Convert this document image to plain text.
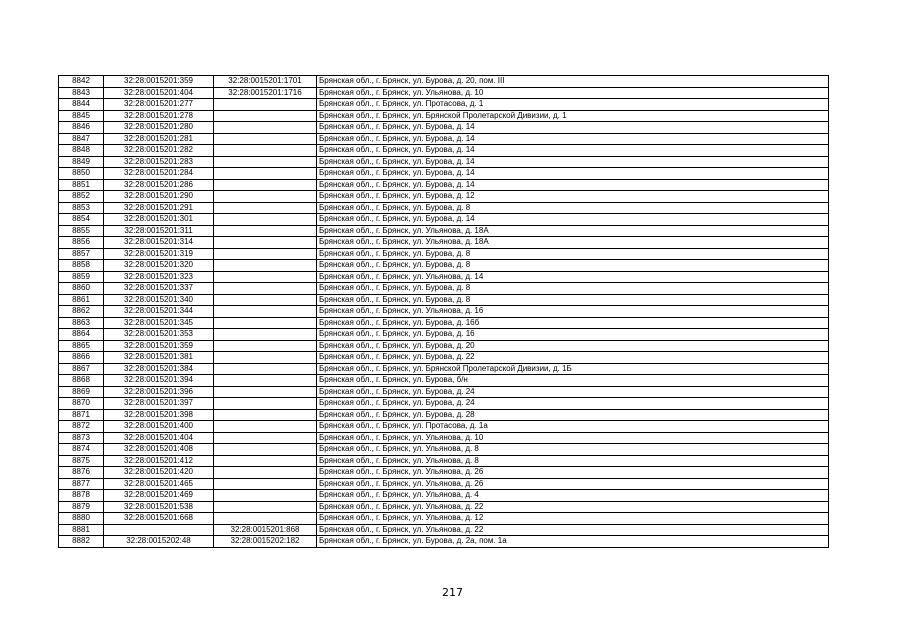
8842	32:28:0015201:359	32:28:0015201:1701	Брянская обл., г. Брянск, ул. Бурова, д. 20, пом. III
8843	32:28:0015201:404	32:28:0015201:1716	Брянская обл., г. Брянск, ул. Ульянова, д. 10
8844	32:28:0015201:277		Брянская обл., г. Брянск, ул. Протасова, д. 1
8845	32:28:0015201:278		Брянская обл., г. Брянск, ул. Брянской Пролетарской Дивизии, д. 1
8846	32:28:0015201:280		Брянская обл., г. Брянск, ул. Бурова, д. 14
8847	32:28:0015201:281		Брянская обл., г. Брянск, ул. Бурова, д. 14
8848	32:28:0015201:282		Брянская обл., г. Брянск, ул. Бурова, д. 14
8849	32:28:0015201:283		Брянская обл., г. Брянск, ул. Бурова, д. 14
8850	32:28:0015201:284		Брянская обл., г. Брянск, ул. Бурова, д. 14
8851	32:28:0015201:286		Брянская обл., г. Брянск, ул. Бурова, д. 14
8852	32:28:0015201:290		Брянская обл., г. Брянск, ул. Бурова, д. 12
8853	32:28:0015201:291		Брянская обл., г. Брянск, ул. Бурова, д. 8
8854	32:28:0015201:301		Брянская обл., г. Брянск, ул. Бурова, д. 14
8855	32:28:0015201:311		Брянская обл., г. Брянск, ул. Ульянова, д. 18А
8856	32:28:0015201:314		Брянская обл., г. Брянск, ул. Ульянова, д. 18А
8857	32:28:0015201:319		Брянская обл., г. Брянск, ул. Бурова, д. 8
8858	32:28:0015201:320		Брянская обл., г. Брянск, ул. Бурова, д. 8
8859	32:28:0015201:323		Брянская обл., г. Брянск, ул. Ульянова, д. 14
8860	32:28:0015201:337		Брянская обл., г. Брянск, ул. Бурова, д. 8
8861	32:28:0015201:340		Брянская обл., г. Брянск, ул. Бурова, д. 8
8862	32:28:0015201:344		Брянская обл., г. Брянск, ул. Ульянова, д. 16
8863	32:28:0015201:345		Брянская обл., г. Брянск, ул. Бурова, д. 16б
8864	32:28:0015201:353		Брянская обл., г. Брянск, ул. Бурова, д. 16
8865	32:28:0015201:359		Брянская обл., г. Брянск, ул. Бурова, д. 20
8866	32:28:0015201:381		Брянская обл., г. Брянск, ул. Бурова, д. 22
8867	32:28:0015201:384		Брянская обл., г. Брянск, ул. Брянской Пролетарской Дивизии, д. 1Б
8868	32:28:0015201:394		Брянская обл., г. Брянск, ул. Бурова, б/н
8869	32:28:0015201:396		Брянская обл., г. Брянск, ул. Бурова, д. 24
8870	32:28:0015201:397		Брянская обл., г. Брянск, ул. Бурова, д. 24
8871	32:28:0015201:398		Брянская обл., г. Брянск, ул. Бурова, д. 28
8872	32:28:0015201:400		Брянская обл., г. Брянск, ул. Протасова, д. 1а
8873	32:28:0015201:404		Брянская обл., г. Брянск, ул. Ульянова, д. 10
8874	32:28:0015201:408		Брянская обл., г. Брянск, ул. Ульянова, д. 8
8875	32:28:0015201:412		Брянская обл., г. Брянск, ул. Ульянова, д. 8
8876	32:28:0015201:420		Брянская обл., г. Брянск, ул. Ульянова, д. 26
8877	32:28:0015201:465		Брянская обл., г. Брянск, ул. Ульянова, д. 26
8878	32:28:0015201:469		Брянская обл., г. Брянск, ул. Ульянова, д. 4
8879	32:28:0015201:538		Брянская обл., г. Брянск, ул. Ульянова, д. 22
8880	32:28:0015201:668		Брянская обл., г. Брянск, ул. Ульянова, д. 12
8881		32:28:0015201:868	Брянская обл., г. Брянск, ул. Ульянова, д. 22
8882	32:28:0015202:48	32:28:0015202:182	Брянская обл., г. Брянск, ул. Бурова, д. 2а, пом. 1а
217
